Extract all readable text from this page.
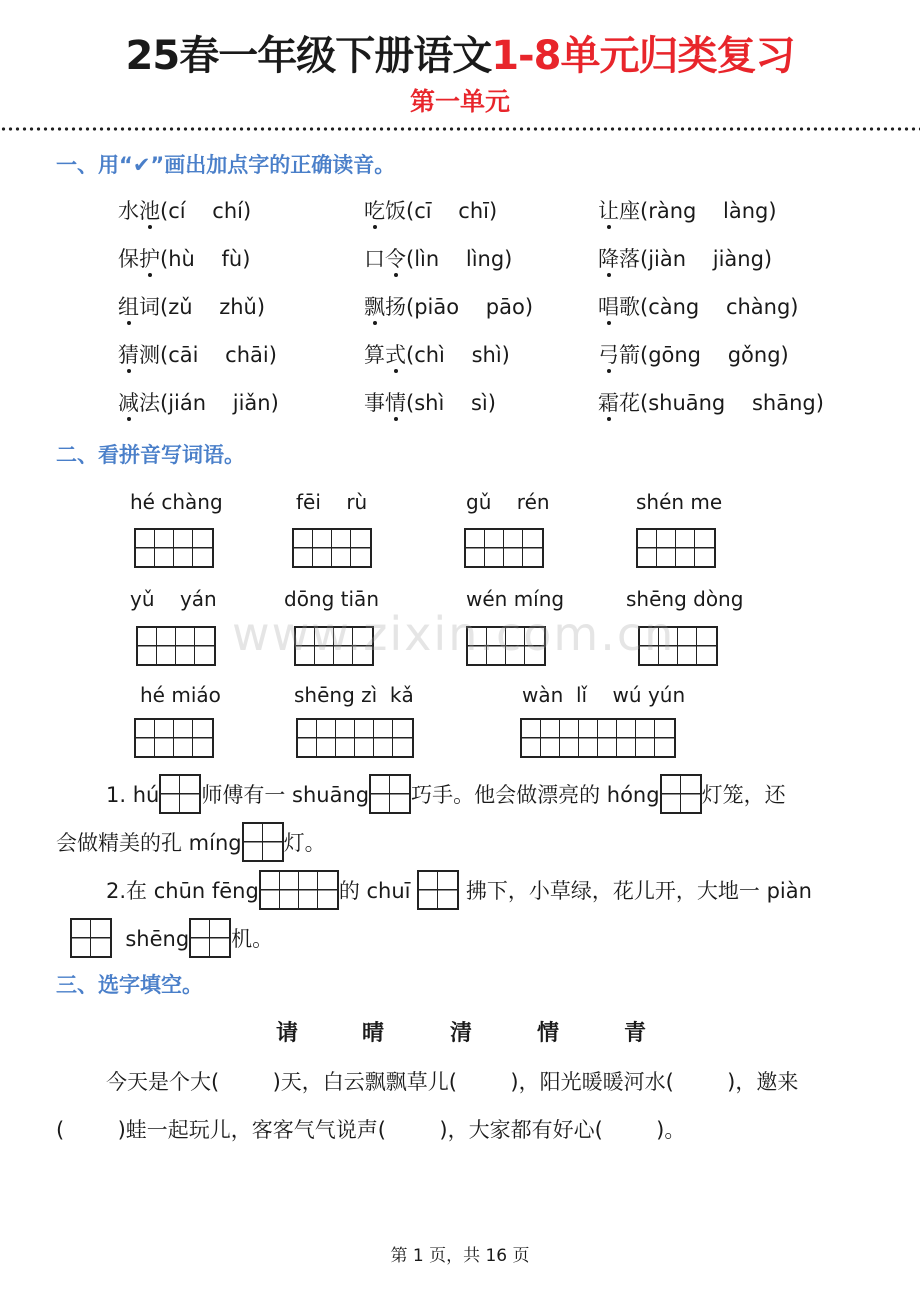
25春一年级下册语文1-8单元归类复习
第一单元
一、用“✔”画出加点字的正确读音。
水池(cí    chí)	吃饭(cī    chī)	让座(ràng    làng)
保护(hù    fù)	口令(lìn    lìng)	降落(jiàn    jiàng)
组词(zǔ    zhǔ)	飘扬(piāo    pāo)	唱歌(càng    chàng)
猜测(cāi    chāi)	算式(chì    shì)	弓箭(gōng    gǒng)
减法(jián    jiǎn)	事情(shì    sì)	霜花(shuāng    shāng)
二、看拼音写词语。
hé chàng	fēi    rù	gǔ    rén	shén me
yǔ    yán	dōng tiān	wén míng	shēng dòng
hé miáo	shēng zì  kǎ	wàn  lǐ    wú yún
1. hú 师傅有一 shuāng 巧手。他会做漂亮的 hóng 灯笼，还
会做精美的孔 míng 灯。
2.在 chūn fēng	的 chuī	拂下，小草绿，花儿开，大地一 piàn
shēng 机。
三、选字填空。
请	晴	清	情	青
今天是个大(        )天，白云飘飘草儿(        )，阳光暖暖河水(        )，邀来
(        )蛙一起玩儿，客客气气说声(        )，大家都有好心(        )。
www.zixin.com.cn
第 1 页，共 16 页
